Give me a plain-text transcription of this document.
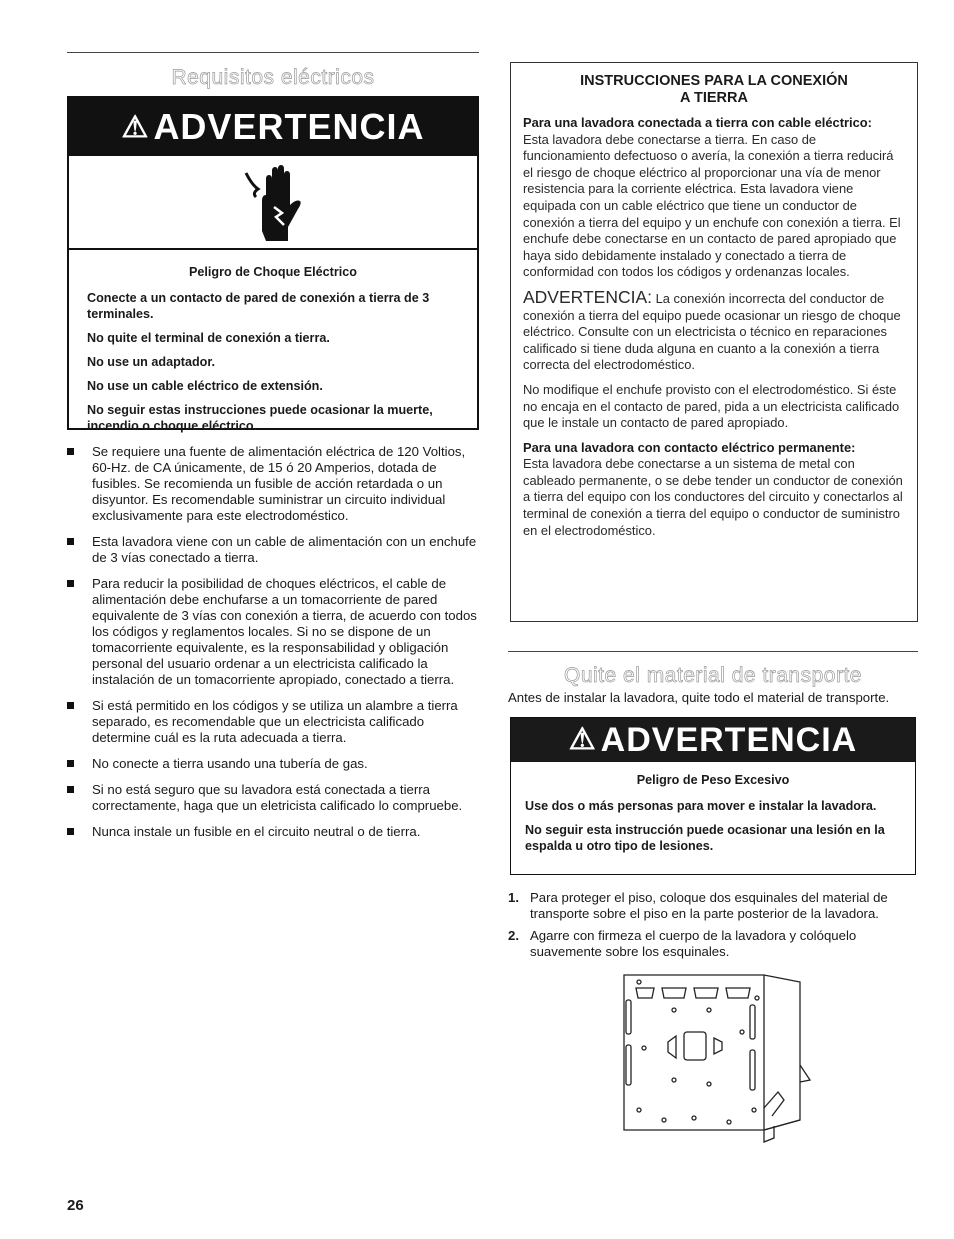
Requisitos eléctricos
⚠ ADVERTENCIA

Peligro de Choque Eléctrico

Conecte a un contacto de pared de conexión a tierra de 3 terminales.

No quite el terminal de conexión a tierra.

No use un adaptador.

No use un cable eléctrico de extensión.

No seguir estas instrucciones puede ocasionar la muerte, incendio o choque eléctrico.

Se requiere una fuente de alimentación eléctrica de 120 Voltios, 60-Hz. de CA únicamente, de 15 ó 20 Amperios, dotada de fusibles. Se recomienda un fusible de acción retardada o un disyuntor. Es recomendable suministrar un circuito individual exclusivamente para este electrodoméstico.
Esta lavadora viene con un cable de alimentación con un enchufe de 3 vías conectado a tierra.
Para reducir la posibilidad de choques eléctricos, el cable de alimentación debe enchufarse a un tomacorriente de pared equivalente de 3 vías con conexión a tierra, de acuerdo con todos los códigos y reglamentos locales. Si no se dispone de un tomacorriente equivalente, es la responsabilidad y obligación personal del usuario ordenar a un electricista calificado la instalación de un tomacorriente apropiado, conectado a tierra.
Si está permitido en los códigos y se utiliza un alambre a tierra separado, es recomendable que un electricista calificado determine cuál es la ruta adecuada a tierra.
No conecte a tierra usando una tubería de gas.
Si no está seguro que su lavadora está conectada a tierra correctamente, haga que un eletricista calificado lo compruebe.
Nunca instale un fusible en el circuito neutral o de tierra.
INSTRUCCIONES PARA LA CONEXIÓN
A TIERRA

Para una lavadora conectada a tierra con cable eléctrico:
Esta lavadora debe conectarse a tierra. En caso de funcionamiento defectuoso o avería, la conexión a tierra reducirá el riesgo de choque eléctrico al proporcionar una vía de menor resistencia para la corriente eléctrica. Esta lavadora viene equipada con un cable eléctrico que tiene un conductor de conexión a tierra del equipo y un enchufe con conexión a tierra. El enchufe debe conectarse en un contacto de pared apropiado que haya sido debidamente instalado y conectado a tierra de conformidad con todos los códigos y ordenanzas locales.

ADVERTENCIA: La conexión incorrecta del conductor de conexión a tierra del equipo puede ocasionar un riesgo de choque eléctrico. Consulte con un electricista o técnico en reparaciones calificado si tiene duda alguna en cuanto a la conexión a tierra correcta del electrodoméstico.

No modifique el enchufe provisto con el electrodoméstico. Si éste no encaja en el contacto de pared, pida a un electricista calificado que le instale un contacto de pared apropiado.

Para una lavadora con contacto eléctrico permanente:
Esta lavadora debe conectarse a un sistema de metal con cableado permanente, o se debe tender un conductor de conexión a tierra del equipo con los conductores del circuito y conectarlos al terminal de conexión a tierra del equipo o conductor de suministro en el electrodoméstico.

Quite el material de transporte
Antes de instalar la lavadora, quite todo el material de transporte.
⚠ ADVERTENCIA

Peligro de Peso Excesivo

Use dos o más personas para mover e instalar la lavadora.

No seguir esta instrucción puede ocasionar una lesión en la espalda u otro tipo de lesiones.

1. Para proteger el piso, coloque dos esquinales del material de transporte sobre el piso en la parte posterior de la lavadora.
2. Agarre con firmeza el cuerpo de la lavadora y colóquelo suavemente sobre los esquinales.
26
